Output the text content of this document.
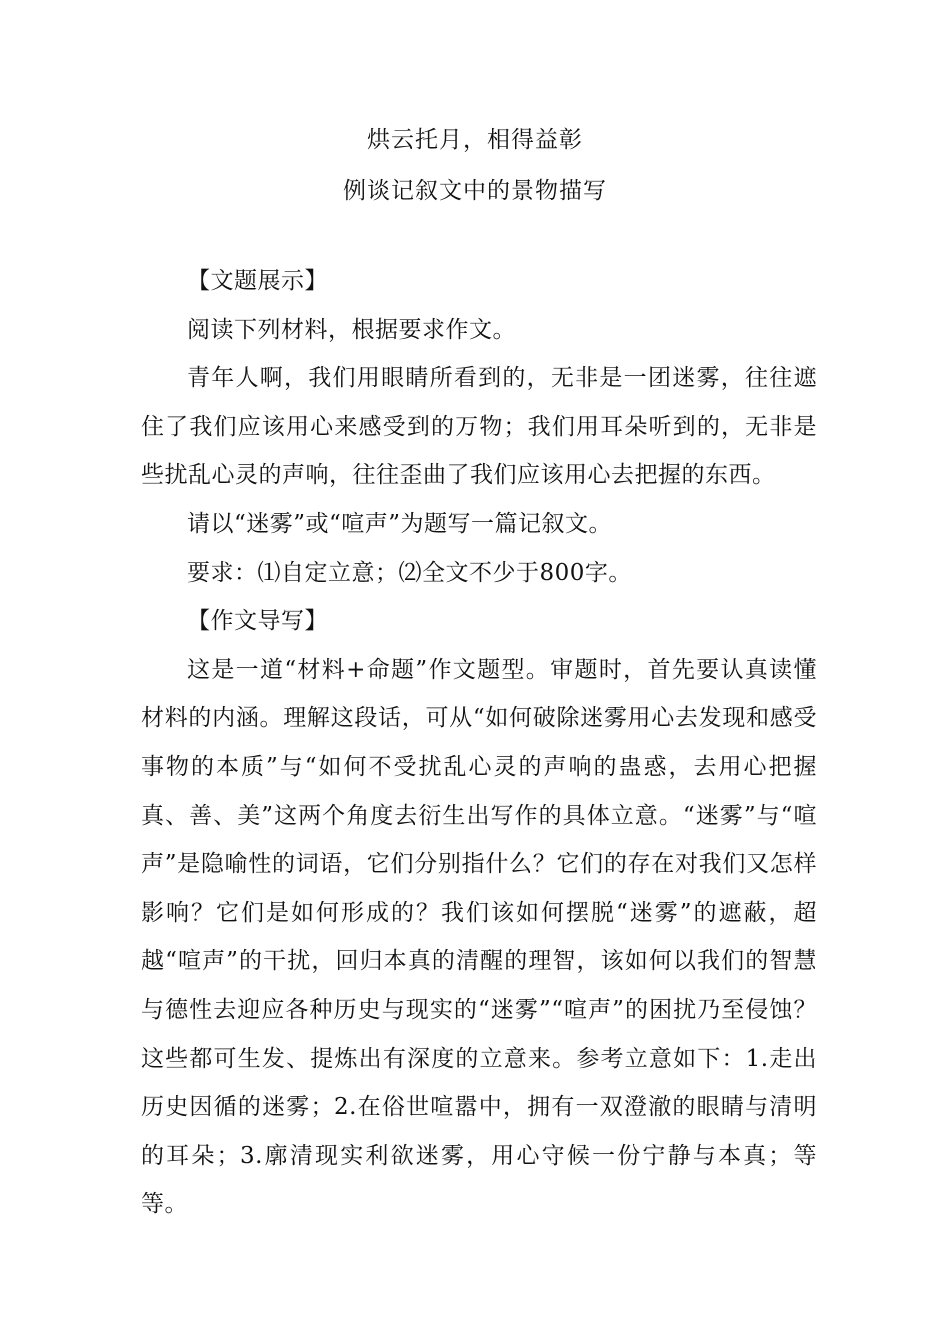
烘云托月，相得益彰
例谈记叙文中的景物描写

【文题展示】

阅读下列材料，根据要求作文。

青年人啊，我们用眼睛所看到的，无非是一团迷雾，往往遮住了我们应该用心来感受到的万物；我们用耳朵听到的，无非是些扰乱心灵的声响，往往歪曲了我们应该用心去把握的东西。

请以“迷雾”或“喧声”为题写一篇记叙文。

要求：⑴自定立意；⑵全文不少于800字。

【作文导写】

这是一道“材料+命题”作文题型。审题时，首先要认真读懂材料的内涵。理解这段话，可从“如何破除迷雾用心去发现和感受事物的本质”与“如何不受扰乱心灵的声响的蛊惑，去用心把握真、善、美”这两个角度去衍生出写作的具体立意。“迷雾”与“喧声”是隐喻性的词语，它们分别指什么？它们的存在对我们又怎样影响？它们是如何形成的？我们该如何摆脱“迷雾”的遮蔽，超越“喧声”的干扰，回归本真的清醒的理智，该如何以我们的智慧与德性去迎应各种历史与现实的“迷雾”“喧声”的困扰乃至侵蚀？这些都可生发、提炼出有深度的立意来。参考立意如下：1.走出历史因循的迷雾；2.在俗世喧嚣中，拥有一双澄澈的眼睛与清明的耳朵；3.廓清现实利欲迷雾，用心守候一份宁静与本真；等等。
